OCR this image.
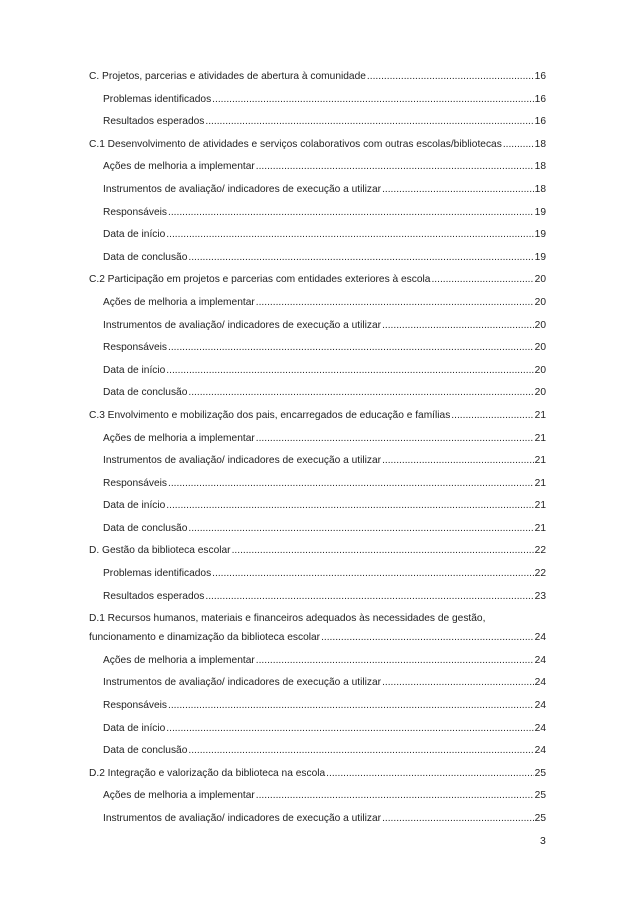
C. Projetos, parcerias e atividades de abertura à comunidade .....	16
Problemas identificados .....	16
Resultados esperados .....	16
C.1 Desenvolvimento de atividades e serviços colaborativos com outras escolas/bibliotecas .....	18
Ações de melhoria a implementar .....	18
Instrumentos de avaliação/ indicadores de execução a utilizar .....	18
Responsáveis .....	19
Data de início .....	19
Data de conclusão .....	19
C.2 Participação em projetos e parcerias com entidades exteriores à escola .....	20
Ações de melhoria a implementar .....	20
Instrumentos de avaliação/ indicadores de execução a utilizar .....	20
Responsáveis .....	20
Data de início .....	20
Data de conclusão .....	20
C.3 Envolvimento e mobilização dos pais, encarregados de educação e famílias .....	21
Ações de melhoria a implementar .....	21
Instrumentos de avaliação/ indicadores de execução a utilizar .....	21
Responsáveis .....	21
Data de início .....	21
Data de conclusão .....	21
D. Gestão da biblioteca escolar .....	22
Problemas identificados .....	22
Resultados esperados .....	23
D.1 Recursos humanos, materiais e financeiros adequados às necessidades de gestão,
funcionamento e dinamização da biblioteca escolar .....	24
Ações de melhoria a implementar .....	24
Instrumentos de avaliação/ indicadores de execução a utilizar .....	24
Responsáveis .....	24
Data de início .....	24
Data de conclusão .....	24
D.2 Integração e valorização da biblioteca na escola .....	25
Ações de melhoria a implementar .....	25
Instrumentos de avaliação/ indicadores de execução a utilizar .....	25
3
